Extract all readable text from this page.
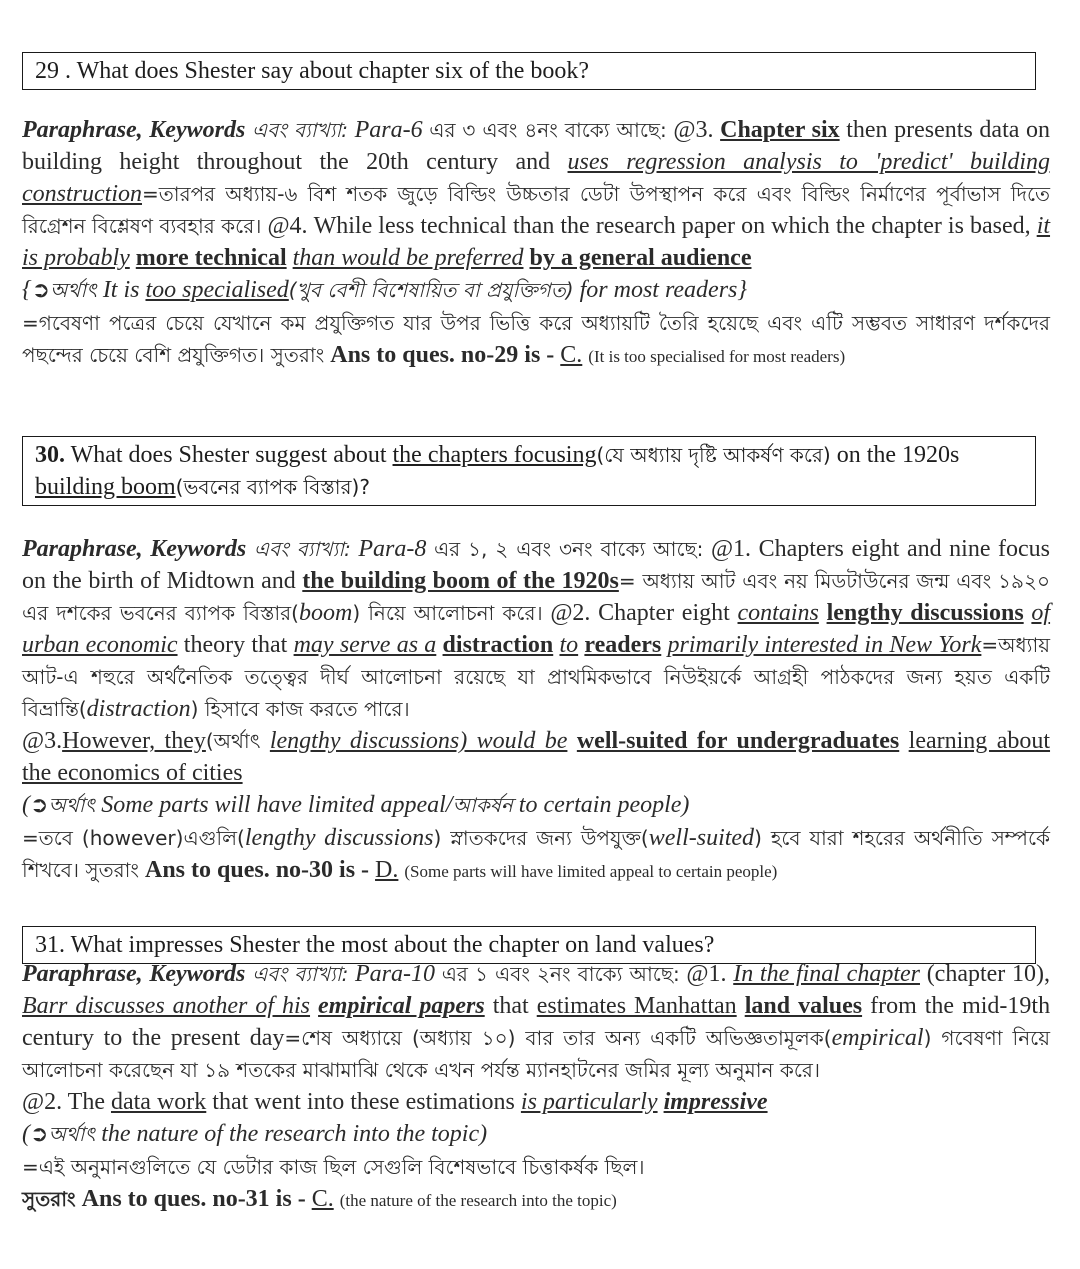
29 . What does Shester say about chapter six of the book?

Paraphrase, Keywords এবং ব্যাখ্যা: Para-6 এর ৩ এবং ৪নং বাক্যে আছে: @3. Chapter six then presents data on building height throughout the 20th century and uses regression analysis to 'predict' building construction=তারপর অধ্যায়-৬ বিশ শতক জুড়ে বিল্ডিং উচ্চতার ডেটা উপস্থাপন করে এবং বিল্ডিং নির্মাণের পূর্বাভাস দিতে রিগ্রেশন বিশ্লেষণ ব্যবহার করে। @4. While less technical than the research paper on which the chapter is based, it is probably more technical than would be preferred by a general audience

{➲অর্থাৎ It is too specialised(খুব বেশী বিশেষায়িত বা প্রযুক্তিগত) for most readers}

=গবেষণা পত্রের চেয়ে যেখানে কম প্রযুক্তিগত যার উপর ভিত্তি করে অধ্যায়টি তৈরি হয়েছে এবং এটি সম্ভবত সাধারণ দর্শকদের পছন্দের চেয়ে বেশি প্রযুক্তিগত। সুতরাং Ans to ques. no-29 is - C. (It is too specialised for most readers)

30. What does Shester suggest about the chapters focusing(যে অধ্যায় দৃষ্টি আকর্ষণ করে) on the 1920s building boom(ভবনের ব্যাপক বিস্তার)?

Paraphrase, Keywords এবং ব্যাখ্যা: Para-8 এর ১, ২ এবং ৩নং বাক্যে আছে: @1. Chapters eight and nine focus on the birth of Midtown and the building boom of the 1920s= অধ্যায় আট এবং নয় মিডটাউনের জন্ম এবং ১৯২০ এর দশকের ভবনের ব্যাপক বিস্তার(boom) নিয়ে আলোচনা করে। @2. Chapter eight contains lengthy discussions of urban economic theory that may serve as a distraction to readers primarily interested in New York=অধ্যায় আট-এ শহুরে অর্থনৈতিক তত্ত্বের দীর্ঘ আলোচনা রয়েছে যা প্রাথমিকভাবে নিউইয়র্কে আগ্রহী পাঠকদের জন্য হয়ত একটি বিভ্রান্তি(distraction) হিসাবে কাজ করতে পারে।

@3.However, they(অর্থাৎ lengthy discussions) would be well-suited for undergraduates learning about the economics of cities

(➲অর্থাৎ Some parts will have limited appeal/আকর্ষন to certain people)

=তবে (however)এগুলি(lengthy discussions) স্নাতকদের জন্য উপযুক্ত(well-suited) হবে যারা শহরের অর্থনীতি সম্পর্কে শিখবে। সুতরাং Ans to ques. no-30 is - D. (Some parts will have limited appeal to certain people)

31. What impresses Shester the most about the chapter on land values?

Paraphrase, Keywords এবং ব্যাখ্যা: Para-10 এর ১ এবং ২নং বাক্যে আছে: @1. In the final chapter (chapter 10), Barr discusses another of his empirical papers that estimates Manhattan land values from the mid-19th century to the present day=শেষ অধ্যায়ে (অধ্যায় ১০) বার তার অন্য একটি অভিজ্ঞতামূলক(empirical) গবেষণা নিয়ে আলোচনা করেছেন যা ১৯ শতকের মাঝামাঝি থেকে এখন পর্যন্ত ম্যানহাটনের জমির মূল্য অনুমান করে।

@2. The data work that went into these estimations is particularly impressive

(➲অর্থাৎ the nature of the research into the topic)

=এই অনুমানগুলিতে যে ডেটার কাজ ছিল সেগুলি বিশেষভাবে চিত্তাকর্ষক ছিল।

সুতরাং Ans to ques. no-31 is - C. (the nature of the research into the topic)
